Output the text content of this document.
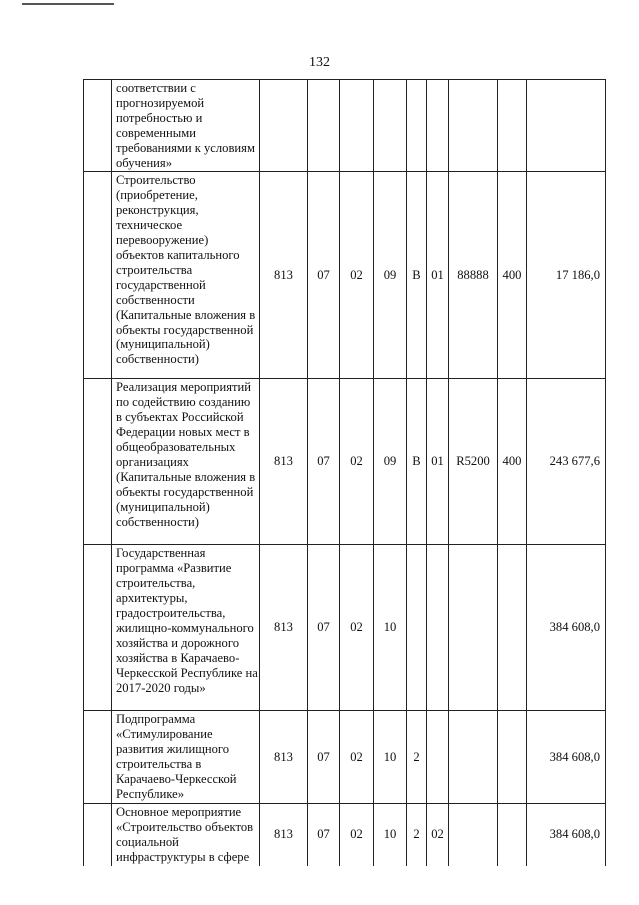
132
	соответствии с прогнозируемой потребностью и современными требованиями к условиям обучения»									
	Строительство (приобретение, реконструкция, техническое перевооружение) объектов капитального строительства государственной собственности (Капитальные вложения в объекты государственной (муниципальной) собственности)	813	07	02	09	В	01	88888	400	17 186,0
	Реализация мероприятий по содействию созданию в субъектах Российской Федерации новых мест в общеобразовательных организациях (Капитальные вложения в объекты государственной (муниципальной) собственности)	813	07	02	09	В	01	R5200	400	243 677,6
	Государственная программа «Развитие строительства, архитектуры, градостроительства, жилищно-коммунального хозяйства и дорожного хозяйства в Карачаево-Черкесской Республике на 2017-2020 годы»	813	07	02	10					384 608,0
	Подпрограмма «Стимулирование развития жилищного строительства в Карачаево-Черкесской Республике»	813	07	02	10	2				384 608,0
	Основное мероприятие «Строительство объектов социальной инфраструктуры в сфере	813	07	02	10	2	02			384 608,0
